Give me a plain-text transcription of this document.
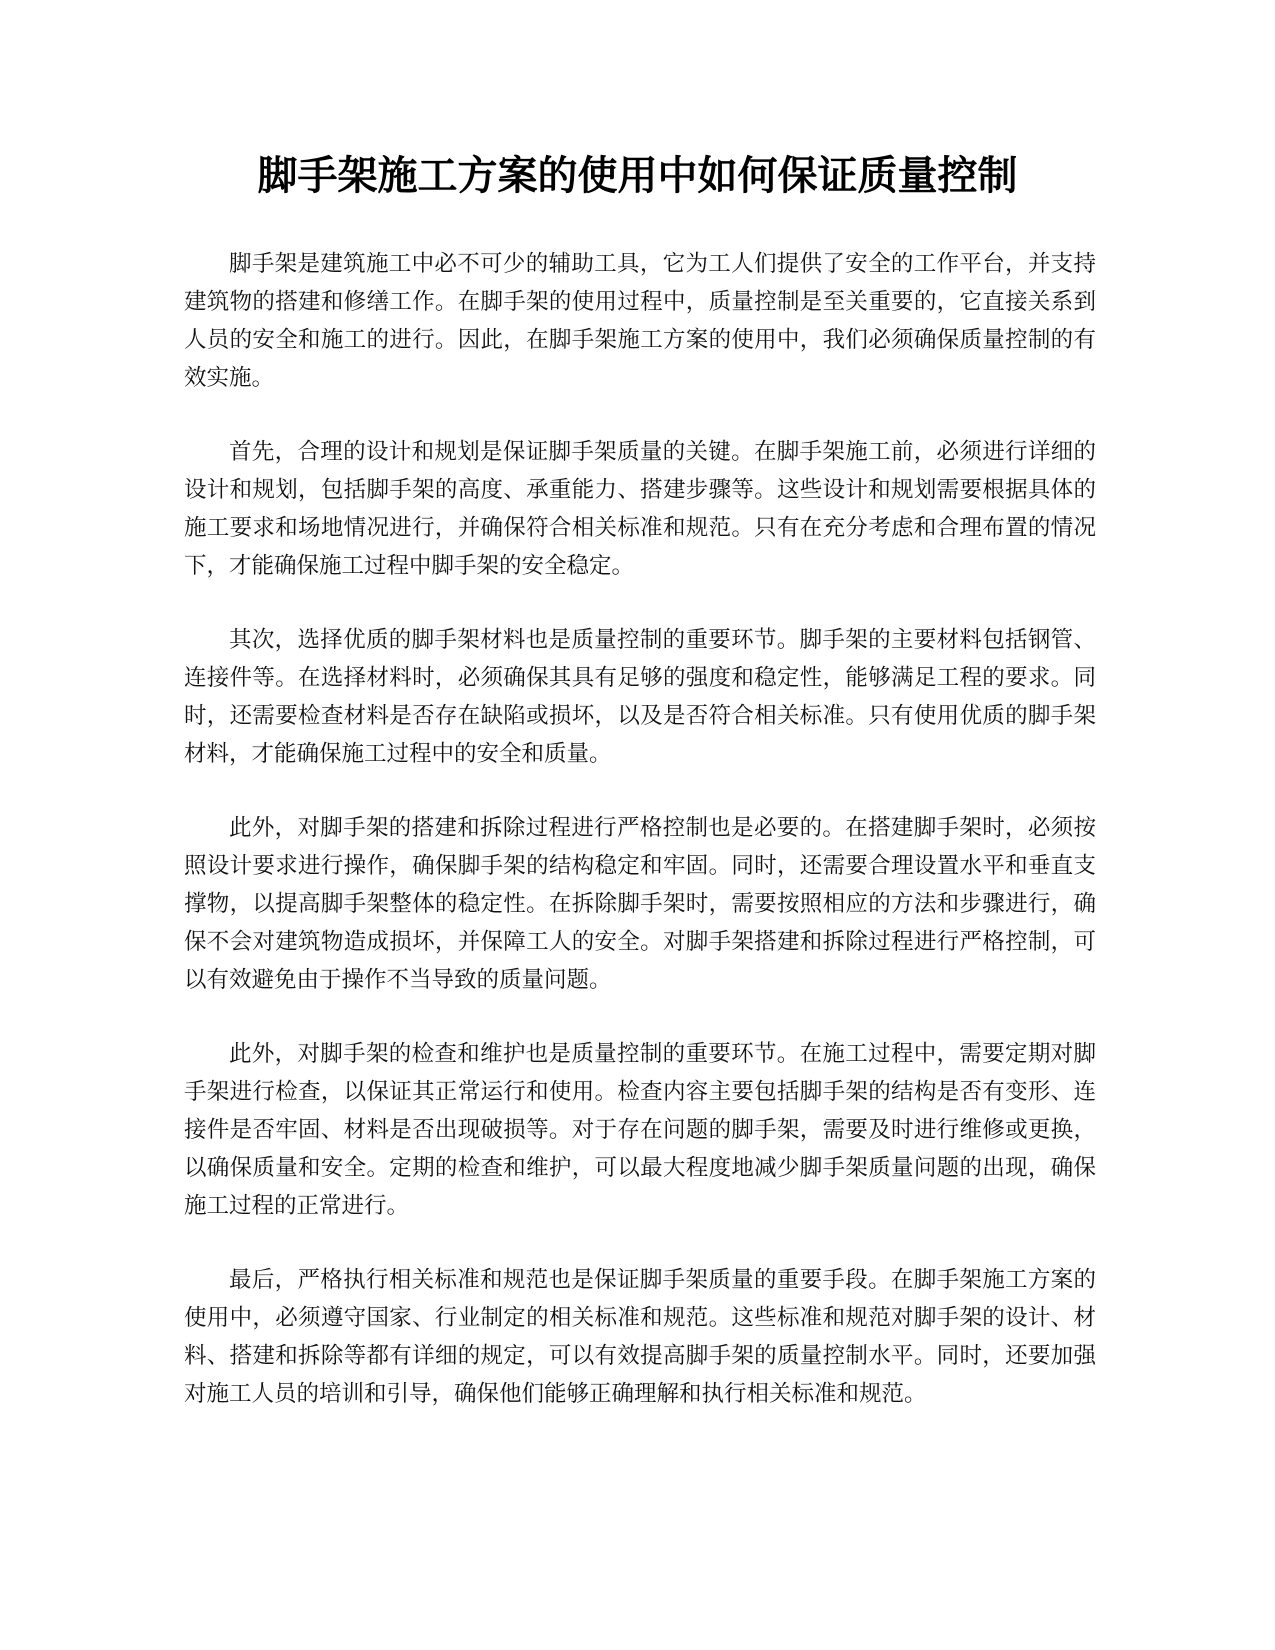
脚手架施工方案的使用中如何保证质量控制

脚手架是建筑施工中必不可少的辅助工具，它为工人们提供了安全的工作平台，并支持建筑物的搭建和修缮工作。在脚手架的使用过程中，质量控制是至关重要的，它直接关系到人员的安全和施工的进行。因此，在脚手架施工方案的使用中，我们必须确保质量控制的有效实施。

首先，合理的设计和规划是保证脚手架质量的关键。在脚手架施工前，必须进行详细的设计和规划，包括脚手架的高度、承重能力、搭建步骤等。这些设计和规划需要根据具体的施工要求和场地情况进行，并确保符合相关标准和规范。只有在充分考虑和合理布置的情况下，才能确保施工过程中脚手架的安全稳定。

其次，选择优质的脚手架材料也是质量控制的重要环节。脚手架的主要材料包括钢管、连接件等。在选择材料时，必须确保其具有足够的强度和稳定性，能够满足工程的要求。同时，还需要检查材料是否存在缺陷或损坏，以及是否符合相关标准。只有使用优质的脚手架材料，才能确保施工过程中的安全和质量。

此外，对脚手架的搭建和拆除过程进行严格控制也是必要的。在搭建脚手架时，必须按照设计要求进行操作，确保脚手架的结构稳定和牢固。同时，还需要合理设置水平和垂直支撑物，以提高脚手架整体的稳定性。在拆除脚手架时，需要按照相应的方法和步骤进行，确保不会对建筑物造成损坏，并保障工人的安全。对脚手架搭建和拆除过程进行严格控制，可以有效避免由于操作不当导致的质量问题。

此外，对脚手架的检查和维护也是质量控制的重要环节。在施工过程中，需要定期对脚手架进行检查，以保证其正常运行和使用。检查内容主要包括脚手架的结构是否有变形、连接件是否牢固、材料是否出现破损等。对于存在问题的脚手架，需要及时进行维修或更换，以确保质量和安全。定期的检查和维护，可以最大程度地减少脚手架质量问题的出现，确保施工过程的正常进行。

最后，严格执行相关标准和规范也是保证脚手架质量的重要手段。在脚手架施工方案的使用中，必须遵守国家、行业制定的相关标准和规范。这些标准和规范对脚手架的设计、材料、搭建和拆除等都有详细的规定，可以有效提高脚手架的质量控制水平。同时，还要加强对施工人员的培训和引导，确保他们能够正确理解和执行相关标准和规范。
